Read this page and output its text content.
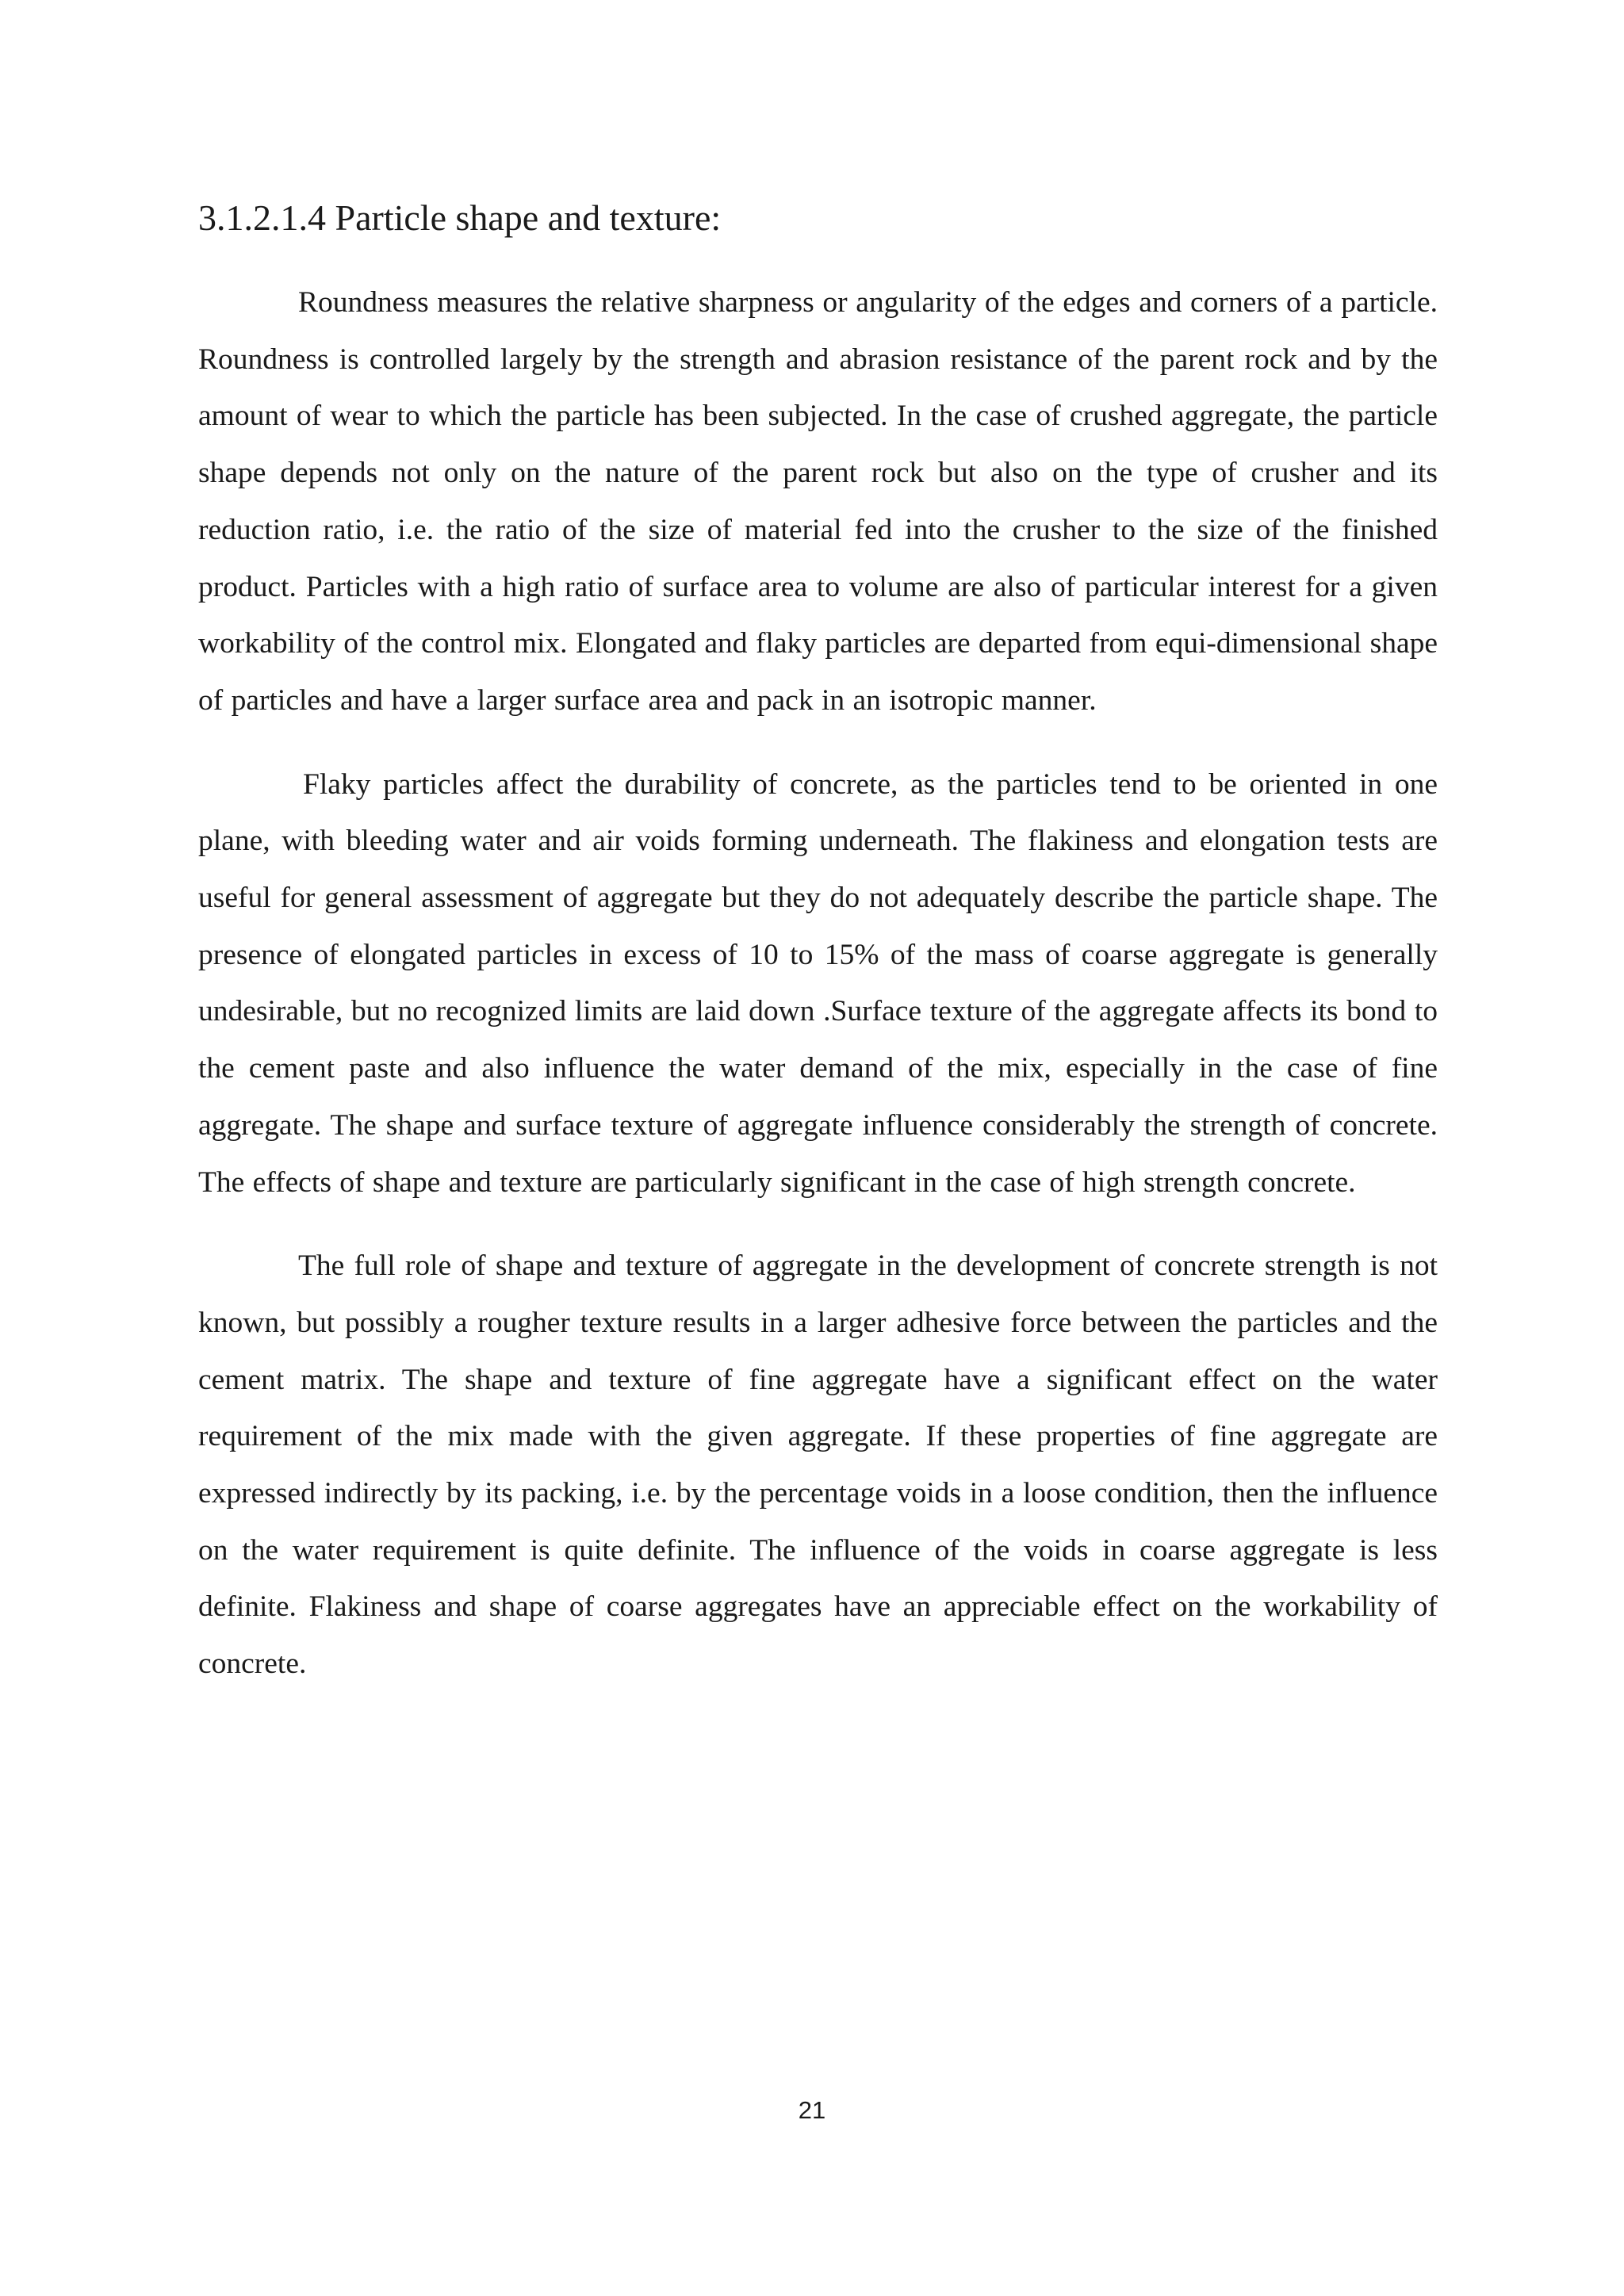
3.1.2.1.4 Particle shape and texture:

Roundness measures the relative sharpness or angularity of the edges and corners of a particle. Roundness is controlled largely by the strength and abrasion resistance of the parent rock and by the amount of wear to which the particle has been subjected. In the case of crushed aggregate, the particle shape depends not only on the nature of the parent rock but also on the type of crusher and its reduction ratio, i.e. the ratio of the size of material fed into the crusher to the size of the finished product. Particles with a high ratio of surface area to volume are also of particular interest for a given workability of the control mix. Elongated and flaky particles are departed from equi-dimensional shape of particles and have a larger surface area and pack in an isotropic manner.

Flaky particles affect the durability of concrete, as the particles tend to be oriented in one plane, with bleeding water and air voids forming underneath. The flakiness and elongation tests are useful for general assessment of aggregate but they do not adequately describe the particle shape. The presence of elongated particles in excess of 10 to 15% of the mass of coarse aggregate is generally undesirable, but no recognized limits are laid down .Surface texture of the aggregate affects its bond to the cement paste and also influence the water demand of the mix, especially in the case of fine aggregate. The shape and surface texture of aggregate influence considerably the strength of concrete. The effects of shape and texture are particularly significant in the case of high strength concrete.

The full role of shape and texture of aggregate in the development of concrete strength is not known, but possibly a rougher texture results in a larger adhesive force between the particles and the cement matrix. The shape and texture of fine aggregate have a significant effect on the water requirement of the mix made with the given aggregate. If these properties of fine aggregate are expressed indirectly by its packing, i.e. by the percentage voids in a loose condition, then the influence on the water requirement is quite definite. The influence of the voids in coarse aggregate is less definite. Flakiness and shape of coarse aggregates have an appreciable effect on the workability of concrete.

21
